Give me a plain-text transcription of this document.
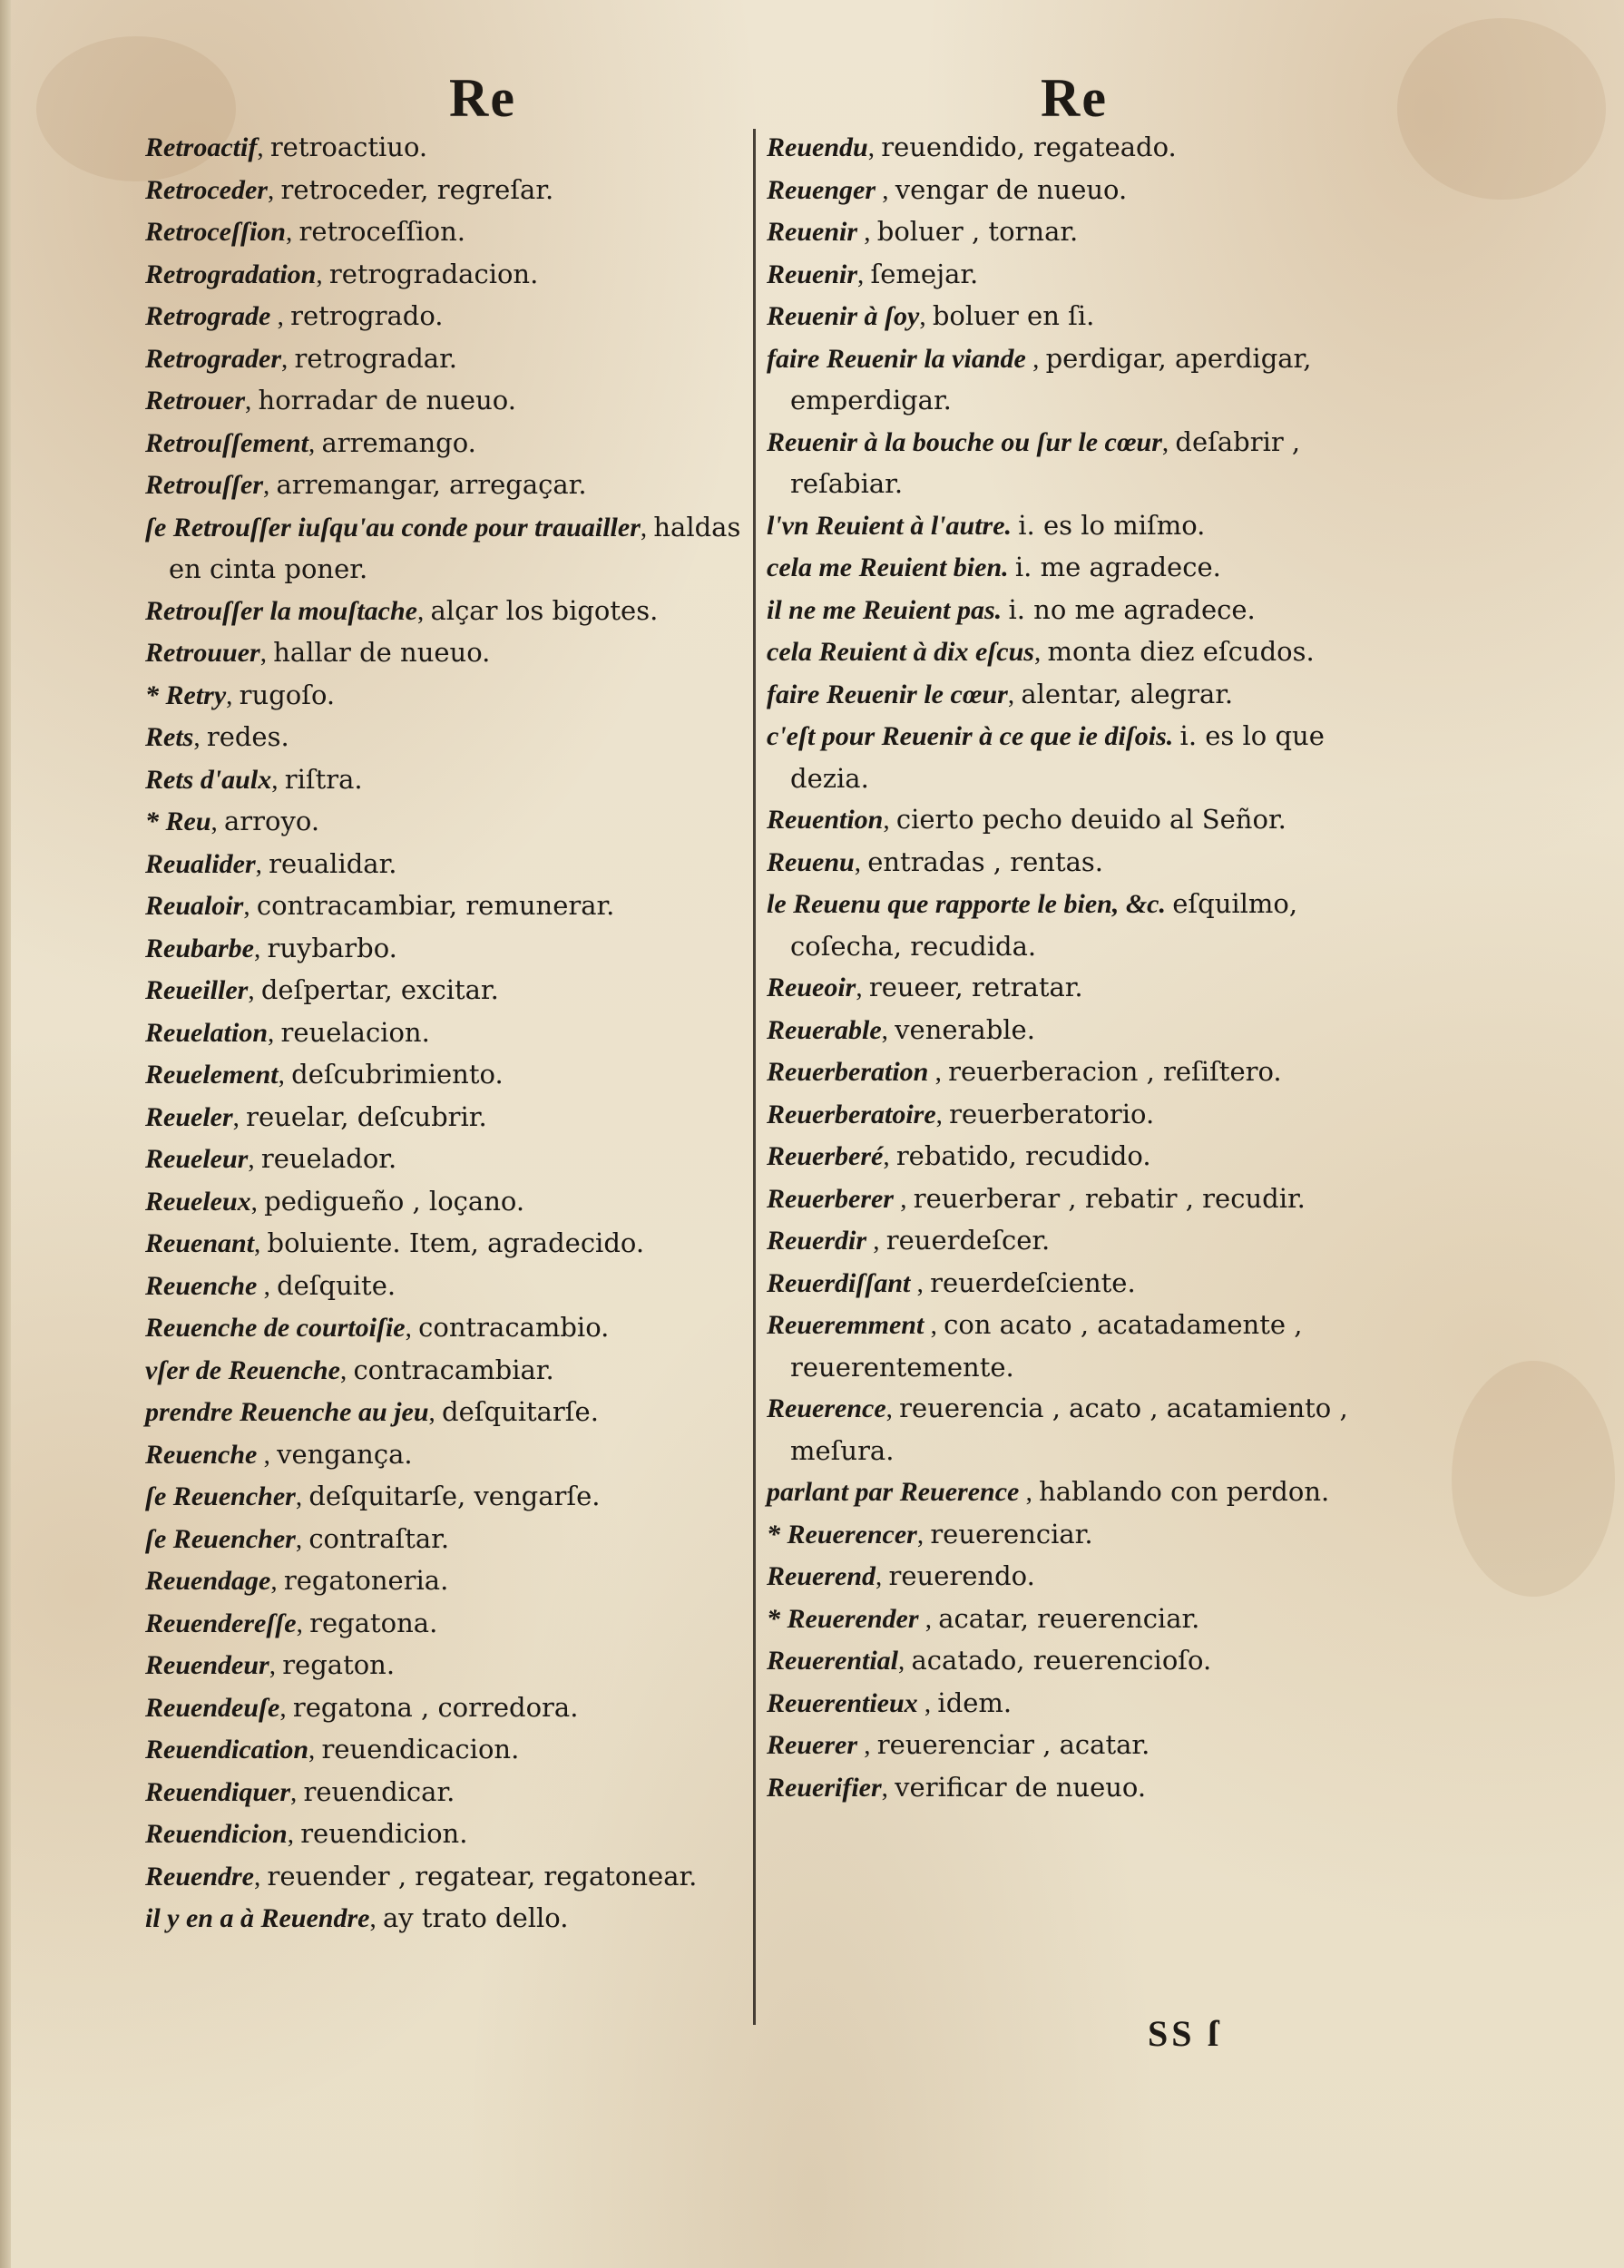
Re	Re

Retroactif, retroactiuo.

Retroceder, retroceder, regreſar.

Retroceſſion, retroceſſion.

Retrogradation, retrogradacion.

Retrograde , retrogrado.

Retrograder, retrogradar.

Retrouer, horradar de nueuo.

Retrouſſement, arremango.

Retrouſſer, arremangar, arregaçar.

ſe Retrouſſer iuſqu'au conde pour trauailler, haldas en cinta poner.

Retrouſſer la mouſtache, alçar los bigotes.

Retrouuer, hallar de nueuo.

* Retry, rugoſo.

Rets, redes.

Rets d'aulx, riſtra.

* Reu, arroyo.

Reualider, reualidar.

Reualoir, contracambiar, remunerar.

Reubarbe, ruybarbo.

Reueiller, deſpertar, excitar.

Reuelation, reuelacion.

Reuelement, deſcubrimiento.

Reueler, reuelar, deſcubrir.

Reueleur, reuelador.

Reueleux, pedigueño , loçano.

Reuenant, boluiente. Item, agradecido.

Reuenche , deſquite.

Reuenche de courtoiſie, contracambio.

vſer de Reuenche, contracambiar.

prendre Reuenche au jeu, deſquitarſe.

Reuenche , vengança.

ſe Reuencher, deſquitarſe, vengarſe.

ſe Reuencher, contraſtar.

Reuendage, regatoneria.

Reuendereſſe, regatona.

Reuendeur, regaton.

Reuendeuſe, regatona , corredora.

Reuendication, reuendicacion.

Reuendiquer, reuendicar.

Reuendicion, reuendicion.

Reuendre, reuender , regatear, regatonear.

il y en a à Reuendre, ay trato dello.

Reuendu, reuendido, regateado.

Reuenger , vengar de nueuo.

Reuenir , boluer , tornar.

Reuenir, ſemejar.

Reuenir à ſoy, boluer en ſi.

faire Reuenir la viande , perdigar, aperdigar, emperdigar.

Reuenir à la bouche ou ſur le cœur, deſabrir , reſabiar.

l'vn Reuient à l'autre. i. es lo miſmo.

cela me Reuient bien. i. me agradece.

il ne me Reuient pas. i. no me agradece.

cela Reuient à dix eſcus, monta diez eſcudos.

faire Reuenir le cœur, alentar, alegrar.

c'eſt pour Reuenir à ce que ie diſois. i. es lo que dezia.

Reuention, cierto pecho deuido al Señor.

Reuenu, entradas , rentas.

le Reuenu que rapporte le bien, &c. eſquilmo, coſecha, recudida.

Reueoir, reueer, retratar.

Reuerable, venerable.

Reuerberation , reuerberacion , reſiſtero.

Reuerberatoire, reuerberatorio.

Reuerberé, rebatido, recudido.

Reuerberer , reuerberar , rebatir , recudir.

Reuerdir , reuerdeſcer.

Reuerdiſſant , reuerdeſciente.

Reueremment , con acato , acatadamente , reuerentemente.

Reuerence, reuerencia , acato , acatamiento , meſura.

parlant par Reuerence , hablando con perdon.

* Reuerencer, reuerenciar.

Reuerend, reuerendo.

* Reuerender , acatar, reuerenciar.

Reuerential, acatado, reuerencioſo.

Reuerentieux , idem.

Reuerer , reuerenciar , acatar.

Reuerifier, verificar de nueuo.

SS ſ
